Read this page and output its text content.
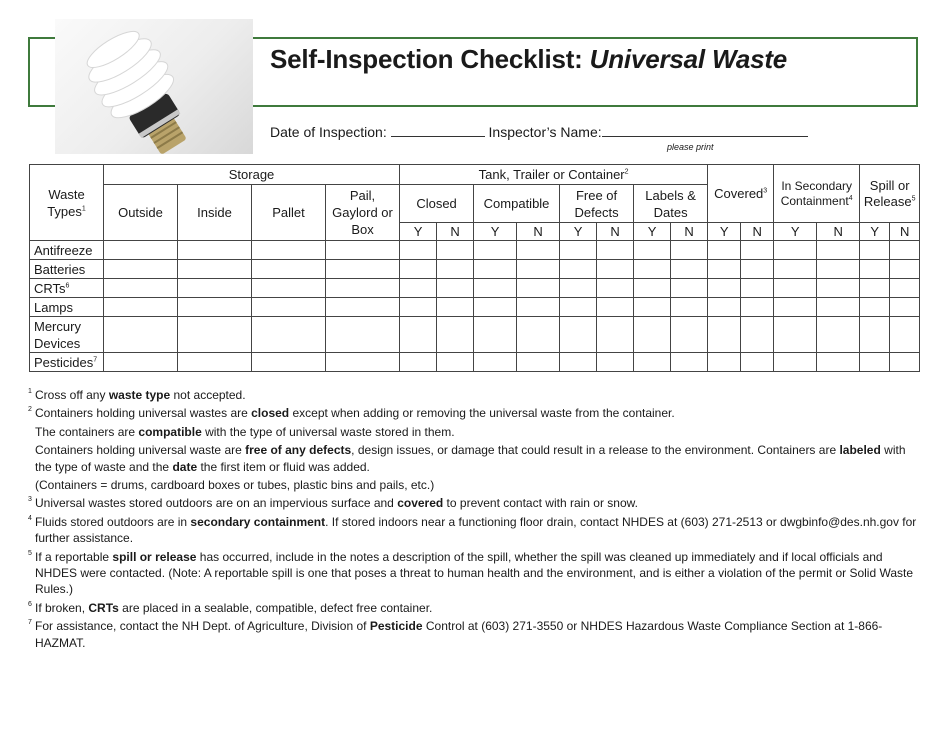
Self-Inspection Checklist: Universal Waste
Date of Inspection:	Inspector’s Name:
please print
Waste Types$^1$	Storage				Tank, Trailer or Container$^2$								Covered$^3$		In Secondary Containment$^4$		Spill or Release$^5$
	Outside	Inside	Pallet	Pail, Gaylord or Box	Closed		Compatible		Free of Defects		Labels & Dates							
					Y	N	Y	N	Y	N	Y	N	Y	N	Y	N	Y	N
Antifreeze																		
Batteries																		
CRTs$^6$																		
Lamps																		
Mercury Devices																		
Pesticides$^7$																		
1 Cross off any waste type not accepted.
2 Containers holding universal wastes are closed except when adding or removing the universal waste from the container.
The containers are compatible with the type of universal waste stored in them.
Containers holding universal waste are free of any defects, design issues, or damage that could result in a release to the environment. Containers are labeled with the type of waste and the date the first item or fluid was added.
(Containers = drums, cardboard boxes or tubes, plastic bins and pails, etc.)
3 Universal wastes stored outdoors are on an impervious surface and covered to prevent contact with rain or snow.
4 Fluids stored outdoors are in secondary containment. If stored indoors near a functioning floor drain, contact NHDES at (603) 271-2513 or dwgbinfo@des.nh.gov for further assistance.
5 If a reportable spill or release has occurred, include in the notes a description of the spill, whether the spill was cleaned up immediately and if local officials and NHDES were contacted. (Note: A reportable spill is one that poses a threat to human health and the environment, and is either a violation of the permit or Solid Waste Rules.)
6 If broken, CRTs are placed in a sealable, compatible, defect free container.
7 For assistance, contact the NH Dept. of Agriculture, Division of Pesticide Control at (603) 271-3550 or NHDES Hazardous Waste Compliance Section at 1-866-HAZMAT.
